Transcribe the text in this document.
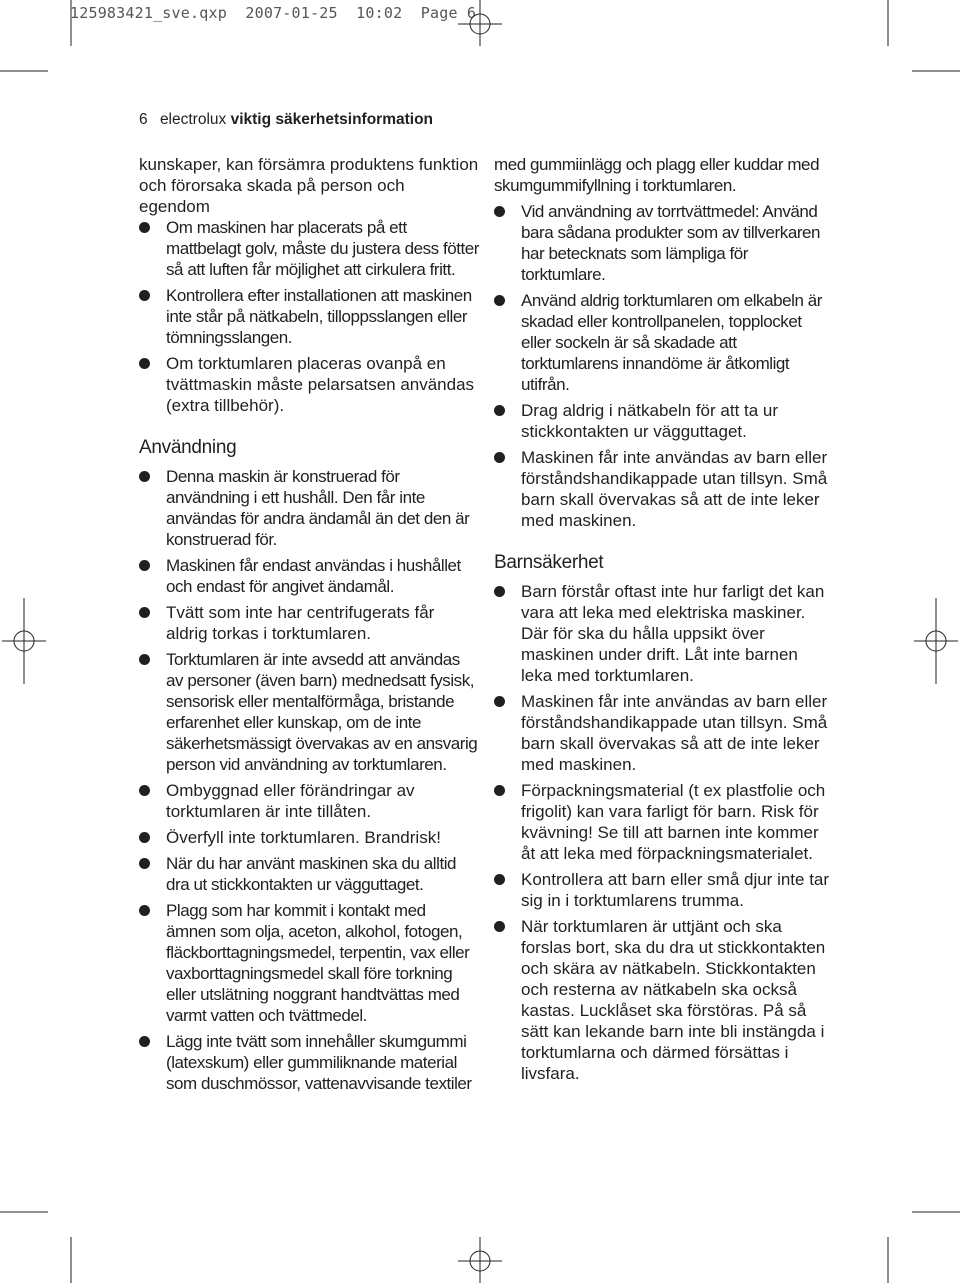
125983421_sve.qxp  2007-01-25  10:02  Page 6
6 electrolux viktig säkerhetsinformation

kunskaper, kan försämra produktens funktion och förorsaka skada på person och egendom

Om maskinen har placerats på ett mattbelagt golv, måste du justera dess fötter så att luften får möjlighet att cirkulera fritt.
Kontrollera efter installationen att maskinen inte står på nätkabeln, tilloppsslangen eller tömningsslangen.
Om torktumlaren placeras ovanpå en tvättmaskin måste pelarsatsen användas (extra tillbehör).
Användning
Denna maskin är konstruerad för användning i ett hushåll. Den får inte användas för andra ändamål än det den är konstruerad för.
Maskinen får endast användas i hushållet och endast för angivet ändamål.
Tvätt som inte har centrifugerats får aldrig torkas i torktumlaren.
Torktumlaren är inte avsedd att användas av personer (även barn) mednedsatt fysisk, sensorisk eller mentalförmåga, bristande erfarenhet eller kunskap, om de inte säkerhetsmässigt övervakas av en ansvarig person vid användning av torktumlaren.
Ombyggnad eller förändringar av torktumlaren är inte tillåten.
Överfyll inte torktumlaren. Brandrisk!
När du har använt maskinen ska du alltid dra ut stickkontakten ur vägguttaget.
Plagg som har kommit i kontakt med ämnen som olja, aceton, alkohol, fotogen, fläckborttagningsmedel, terpentin, vax eller vaxborttagningsmedel skall före torkning eller utslätning noggrant handtvättas med varmt vatten och tvättmedel.
Lägg inte tvätt som innehåller skumgummi (latexskum) eller gummiliknande material som duschmössor, vattenavvisande textiler

med gummiinlägg och plagg eller kuddar med skumgummifyllning i torktumlaren.

Vid användning av torrtvättmedel: Använd bara sådana produkter som av tillverkaren har betecknats som lämpliga för torktumlare.
Använd aldrig torktumlaren om elkabeln är skadad eller kontrollpanelen, topplocket eller sockeln är så skadade att torktumlarens innandöme är åtkomligt utifrån.
Drag aldrig i nätkabeln för att ta ur stickkontakten ur vägguttaget.
Maskinen får inte användas av barn eller förståndshandikappade utan tillsyn. Små barn skall övervakas så att de inte leker med maskinen.
Barnsäkerhet
Barn förstår oftast inte hur farligt det kan vara att leka med elektriska maskiner. Där för ska du hålla uppsikt över maskinen under drift. Låt inte barnen leka med torktumlaren.
Maskinen får inte användas av barn eller förståndshandikappade utan tillsyn. Små barn skall övervakas så att de inte leker med maskinen.
Förpackningsmaterial (t ex plastfolie och frigolit) kan vara farligt för barn. Risk för kvävning! Se till att barnen inte kommer åt att leka med förpackningsmaterialet.
Kontrollera att barn eller små djur inte tar sig in i torktumlarens trumma.
När torktumlaren är uttjänt och ska forslas bort, ska du dra ut stickkontakten och skära av nätkabeln. Stickkontakten och resterna av nätkabeln ska också kastas. Lucklåset ska förstöras. På så sätt kan lekande barn inte bli instängda i torktumlarna och därmed försättas i livsfara.
